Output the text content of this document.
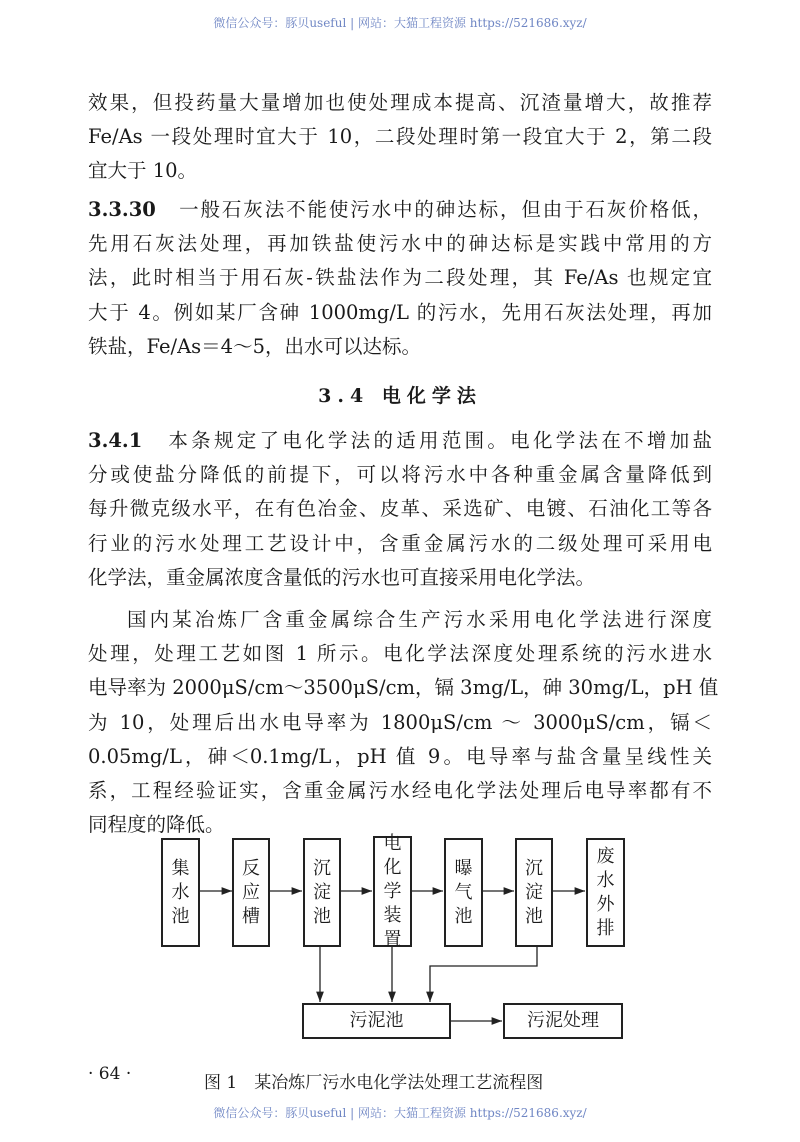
微信公众号：豚贝useful | 网站：大猫工程资源 https://521686.xyz/
效果，但投药量大量增加也使处理成本提高、沉渣量增大，故推荐
Fe/As 一段处理时宜大于 10，二段处理时第一段宜大于 2，第二段
宜大于 10。
3.3.30　一般石灰法不能使污水中的砷达标，但由于石灰价格低，
先用石灰法处理，再加铁盐使污水中的砷达标是实践中常用的方
法，此时相当于用石灰-铁盐法作为二段处理，其 Fe/As 也规定宜
大于 4。例如某厂含砷 1000mg/L 的污水，先用石灰法处理，再加
铁盐，Fe/As＝4～5，出水可以达标。
3.4.1　本条规定了电化学法的适用范围。电化学法在不增加盐
分或使盐分降低的前提下，可以将污水中各种重金属含量降低到
每升微克级水平，在有色冶金、皮革、采选矿、电镀、石油化工等各
行业的污水处理工艺设计中，含重金属污水的二级处理可采用电
化学法，重金属浓度含量低的污水也可直接采用电化学法。
国内某冶炼厂含重金属综合生产污水采用电化学法进行深度
处理，处理工艺如图 1 所示。电化学法深度处理系统的污水进水
电导率为 2000μS/cm～3500μS/cm，镉 3mg/L，砷 30mg/L，pH 值
为 10，处理后出水电导率为 1800μS/cm ～ 3000μS/cm，镉＜
0.05mg/L，砷＜0.1mg/L，pH 值 9。电导率与盐含量呈线性关
系，工程经验证实，含重金属污水经电化学法处理后电导率都有不
同程度的降低。
3.4 电化学法
集水池
反应槽
沉淀池
电化学装置
曝气池
沉淀池
废水外排
污泥池	污泥处理
· 64 ·	图 1　某冶炼厂污水电化学法处理工艺流程图
微信公众号：豚贝useful | 网站：大猫工程资源 https://521686.xyz/
